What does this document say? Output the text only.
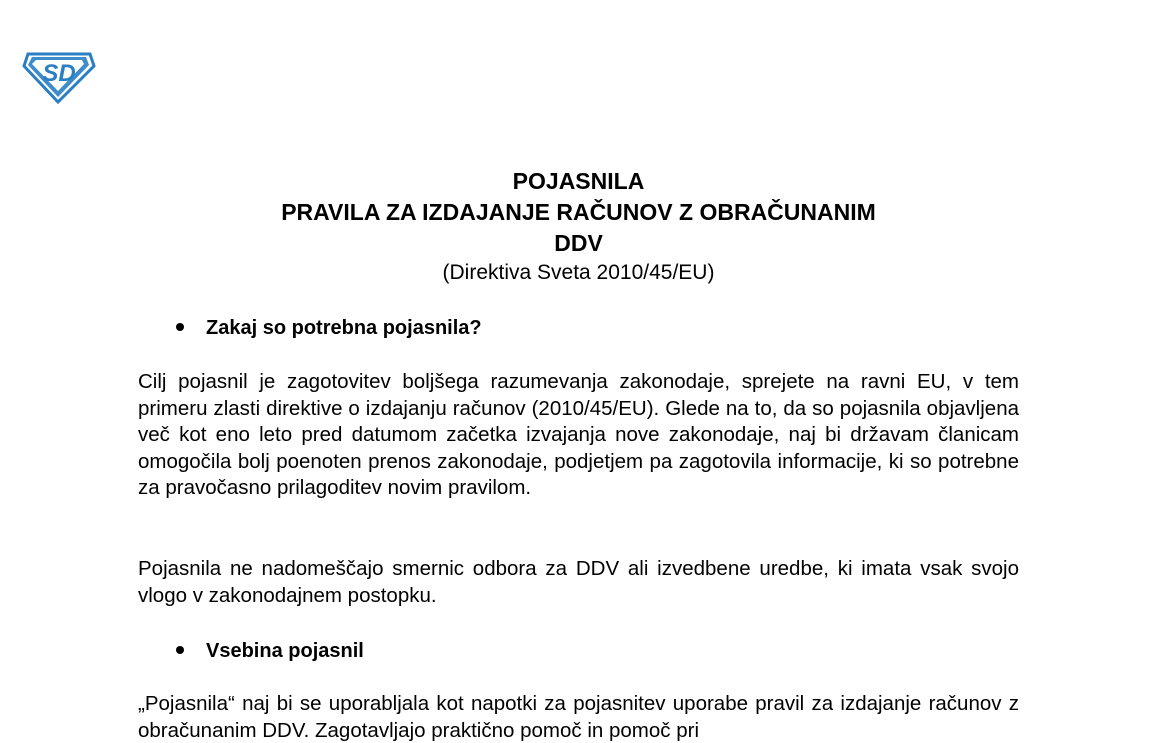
SD

POJASNILA

PRAVILA ZA IZDAJANJE RAČUNOV Z OBRAČUNANIM

DDV

(Direktiva Sveta 2010/45/EU)

Zakaj so potrebna pojasnila?
Cilj pojasnil je zagotovitev boljšega razumevanja zakonodaje, sprejete na ravni EU, v tem primeru zlasti direktive o izdajanju računov (2010/45/EU). Glede na to, da so pojasnila objavljena več kot eno leto pred datumom začetka izvajanja nove zakonodaje, naj bi državam članicam omogočila bolj poenoten prenos zakonodaje, podjetjem pa zagotovila informacije, ki so potrebne za pravočasno prilagoditev novim pravilom.
Pojasnila ne nadomeščajo smernic odbora za DDV ali izvedbene uredbe, ki imata vsak svojo vlogo v zakonodajnem postopku.
Vsebina pojasnil
„Pojasnila“ naj bi se uporabljala kot napotki za pojasnitev uporabe pravil za izdajanje računov z obračunanim DDV. Zagotavljajo praktično pomoč in pomoč pri
